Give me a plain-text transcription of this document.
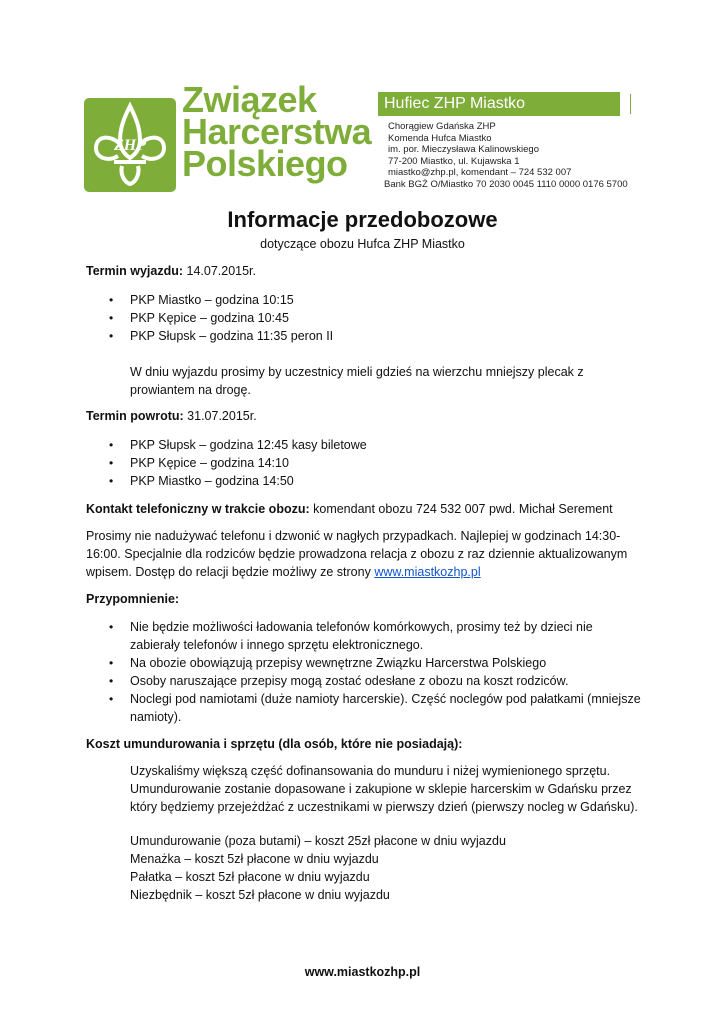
ZHP
Związek
Harcerstwa
Polskiego
Hufiec ZHP Miastko
Chorągiew Gdańska ZHP
Komenda Hufca Miastko
im. por. Mieczysława Kalinowskiego
77-200 Miastko, ul. Kujawska 1
miastko@zhp.pl, komendant – 724 532 007
Bank BGŻ O/Miastko 70 2030 0045 1110 0000 0176 5700
Informacje przedobozowe
dotyczące obozu Hufca ZHP Miastko
Termin wyjazdu: 14.07.2015r.
• PKP Miastko – godzina 10:15
• PKP Kępice – godzina 10:45
• PKP Słupsk – godzina 11:35 peron II
W dniu wyjazdu prosimy by uczestnicy mieli gdzieś na wierzchu mniejszy plecak z
prowiantem na drogę.
Termin powrotu: 31.07.2015r.
• PKP Słupsk – godzina 12:45 kasy biletowe
• PKP Kępice – godzina 14:10
• PKP Miastko – godzina 14:50
Kontakt telefoniczny w trakcie obozu: komendant obozu 724 532 007 pwd. Michał Serement
Prosimy nie nadużywać telefonu i dzwonić w nagłych przypadkach. Najlepiej w godzinach 14:30-
16:00. Specjalnie dla rodziców będzie prowadzona relacja z obozu z raz dziennie aktualizowanym
wpisem. Dostęp do relacji będzie możliwy ze strony www.miastkozhp.pl
Przypomnienie:
• Nie będzie możliwości ładowania telefonów komórkowych, prosimy też by dzieci nie
zabierały telefonów i innego sprzętu elektronicznego.
• Na obozie obowiązują przepisy wewnętrzne Związku Harcerstwa Polskiego
• Osoby naruszające przepisy mogą zostać odesłane z obozu na koszt rodziców.
• Noclegi pod namiotami (duże namioty harcerskie). Część noclegów pod pałatkami (mniejsze
namioty).
Koszt umundurowania i sprzętu (dla osób, które nie posiadają):
Uzyskaliśmy większą część dofinansowania do munduru i niżej wymienionego sprzętu.
Umundurowanie zostanie dopasowane i zakupione w sklepie harcerskim w Gdańsku przez
który będziemy przejeżdżać z uczestnikami w pierwszy dzień (pierwszy nocleg w Gdańsku).
Umundurowanie (poza butami) – koszt 25zł płacone w dniu wyjazdu
Menażka – koszt 5zł płacone w dniu wyjazdu
Pałatka – koszt 5zł płacone w dniu wyjazdu
Niezbędnik – koszt 5zł płacone w dniu wyjazdu
www.miastkozhp.pl
